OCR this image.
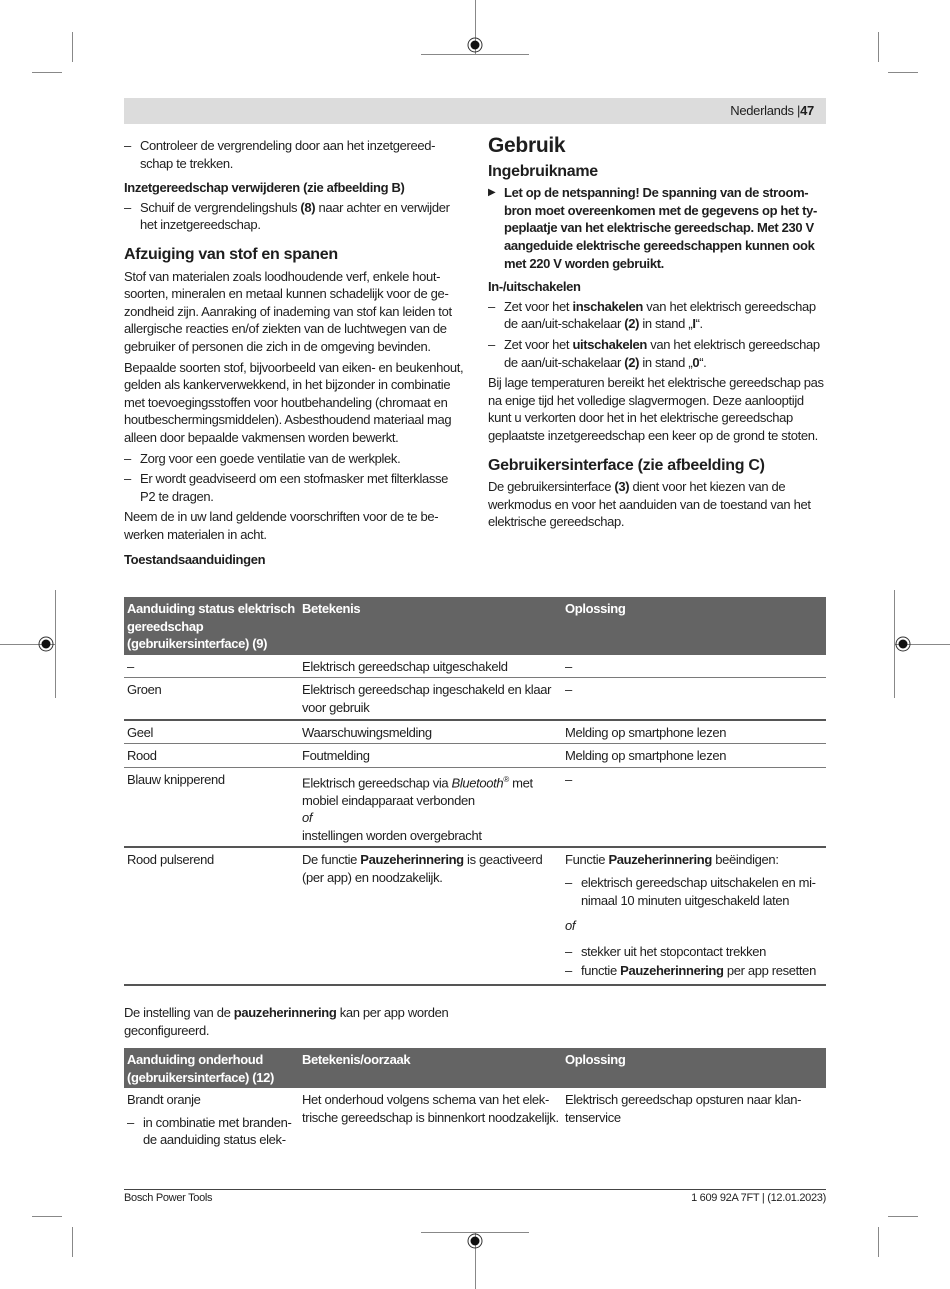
Nederlands |47
– Controleer de vergrendeling door aan het inzetgereedschap te trekken.
Inzetgereedschap verwijderen (zie afbeelding B)
– Schuif de vergrendelingshuls (8) naar achter en verwijder het inzetgereedschap.
Afzuiging van stof en spanen

Stof van materialen zoals loodhoudende verf, enkele houtsoorten, mineralen en metaal kunnen schadelijk voor de gezondheid zijn. Aanraking of inademing van stof kan leiden tot allergische reacties en/of ziekten van de luchtwegen van de gebruiker of personen die zich in de omgeving bevinden.

Bepaalde soorten stof, bijvoorbeeld van eiken- en beukenhout, gelden als kankerverwekkend, in het bijzonder in combinatie met toevoegingsstoffen voor houtbehandeling (chromaat en houtbeschermingsmiddelen). Asbesthoudend materiaal mag alleen door bepaalde vakmensen worden bewerkt.

– Zorg voor een goede ventilatie van de werkplek.
– Er wordt geadviseerd om een stofmasker met filterklasse P2 te dragen.

Neem de in uw land geldende voorschriften voor de te bewerken materialen in acht.

Toestandsaanduidingen
Gebruik
Ingebruikname
▶ Let op de netspanning! De spanning van de stroombron moet overeenkomen met de gegevens op het typeplaatje van het elektrische gereedschap. Met 230 V aangeduide elektrische gereedschappen kunnen ook met 220 V worden gebruikt.
In-/uitschakelen
– Zet voor het inschakelen van het elektrisch gereedschap de aan/uit-schakelaar (2) in stand „I“.
– Zet voor het uitschakelen van het elektrisch gereedschap de aan/uit-schakelaar (2) in stand „0“.

Bij lage temperaturen bereikt het elektrische gereedschap pas na enige tijd het volledige slagvermogen. Deze aanlooptijd kunt u verkorten door het in het elektrische gereedschap geplaatste inzetgereedschap een keer op de grond te stoten.

Gebruikersinterface (zie afbeelding C)

De gebruikersinterface (3) dient voor het kiezen van de werkmodus en voor het aanduiden van de toestand van het elektrische gereedschap.

Aanduiding status elektrisch gereedschap (gebruikersinterface) (9)	Betekenis	Oplossing
–	Elektrisch gereedschap uitgeschakeld	–
Groen	Elektrisch gereedschap ingeschakeld en klaar voor gebruik	–
Geel	Waarschuwingsmelding	Melding op smartphone lezen
Rood	Foutmelding	Melding op smartphone lezen
Blauw knipperend	Elektrisch gereedschap via Bluetooth® met mobiel eindapparaat verbonden
of
instellingen worden overgebracht	–
Rood pulserend	De functie Pauzeherinnering is geactiveerd (per app) en noodzakelijk.	Functie Pauzeherinnering beëindigen:
– elektrisch gereedschap uitschakelen en minimaal 10 minuten uitgeschakeld laten
of
– stekker uit het stopcontact trekken
– functie Pauzeherinnering per app resetten
De instelling van de pauzeherinnering kan per app worden geconfigureerd.
Aanduiding onderhoud (gebruikersinterface) (12)	Betekenis/oorzaak	Oplossing

Brandt oranje
– in combinatie met brandende aanduiding status elek-	Het onderhoud volgens schema van het elektrische gereedschap is binnenkort noodzakelijk.	Elektrisch gereedschap opsturen naar klantenservice
Bosch Power Tools	1 609 92A 7FT | (12.01.2023)
